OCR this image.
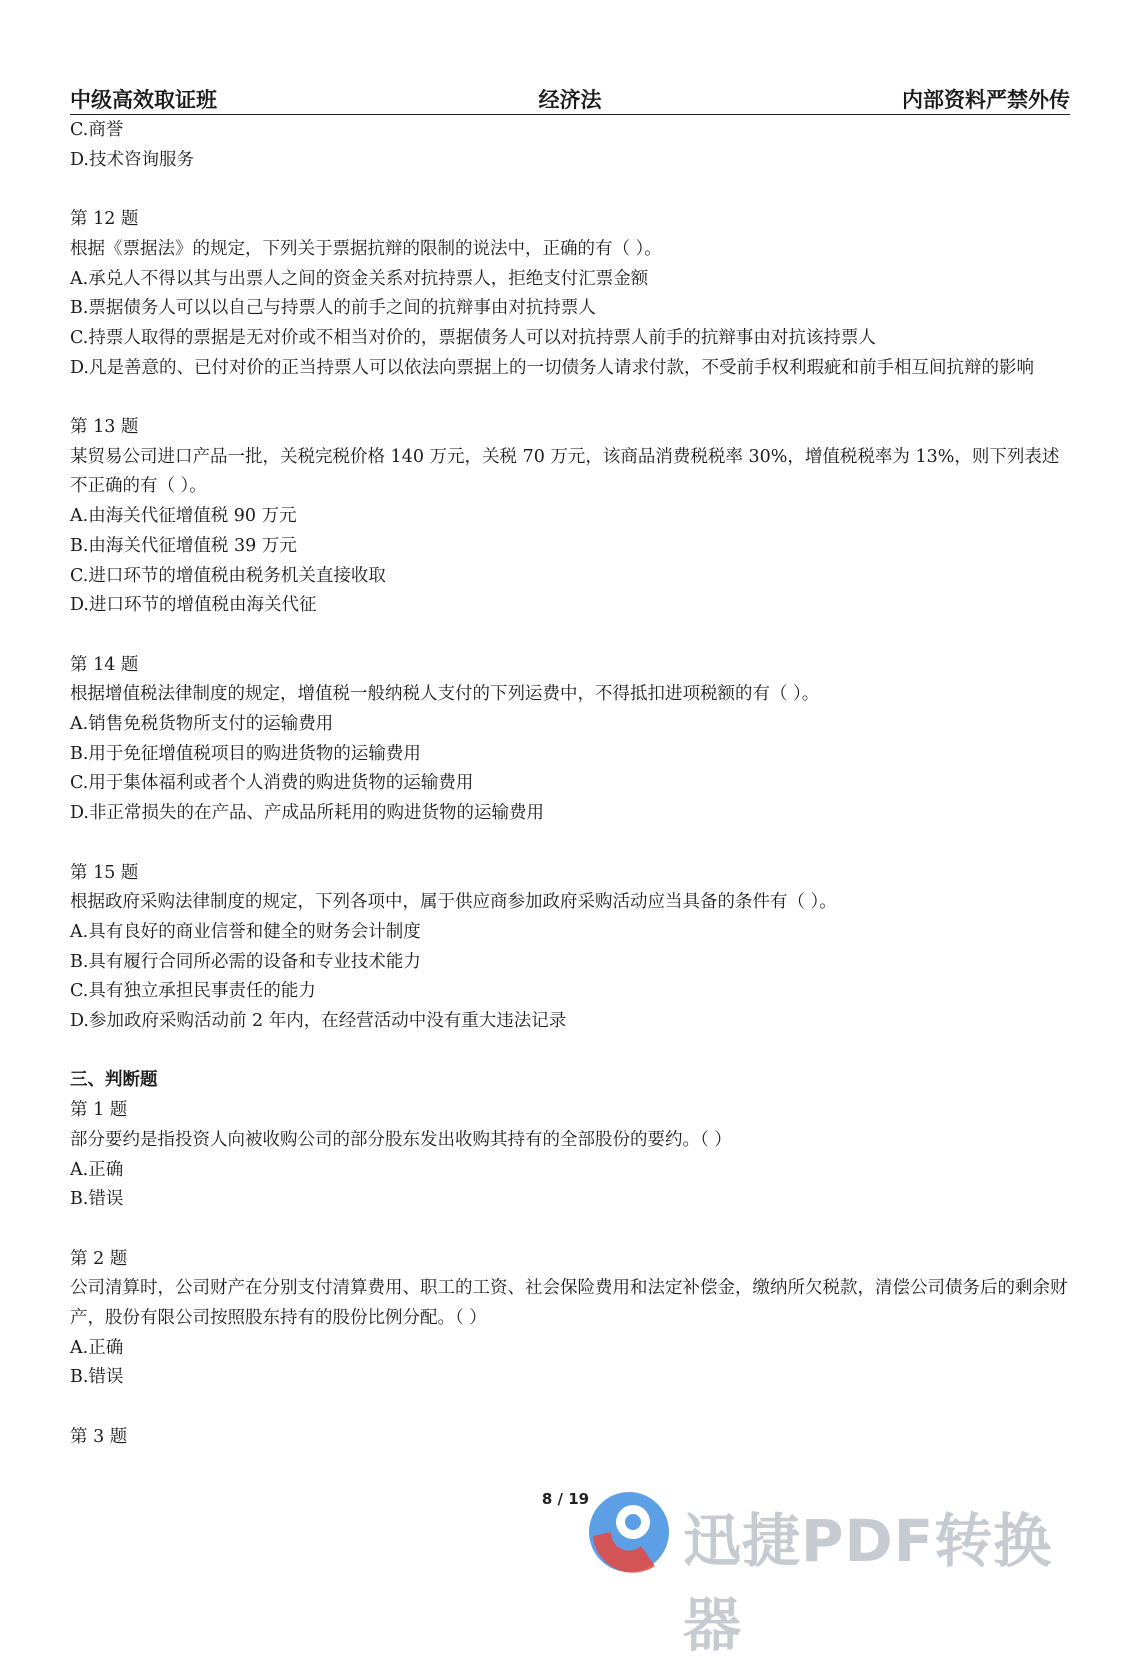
中级高效取证班	经济法	内部资料严禁外传
C.商誉
D.技术咨询服务
第 12 题
根据《票据法》的规定，下列关于票据抗辩的限制的说法中，正确的有（ ）。
A.承兑人不得以其与出票人之间的资金关系对抗持票人，拒绝支付汇票金额
B.票据债务人可以以自己与持票人的前手之间的抗辩事由对抗持票人
C.持票人取得的票据是无对价或不相当对价的，票据债务人可以对抗持票人前手的抗辩事由对抗该持票人
D.凡是善意的、已付对价的正当持票人可以依法向票据上的一切债务人请求付款，不受前手权利瑕疵和前手相互间抗辩的影响
第 13 题
某贸易公司进口产品一批，关税完税价格 140 万元，关税 70 万元，该商品消费税税率 30%，增值税税率为 13%，则下列表述不正确的有（ ）。
A.由海关代征增值税 90 万元
B.由海关代征增值税 39 万元
C.进口环节的增值税由税务机关直接收取
D.进口环节的增值税由海关代征
第 14 题
根据增值税法律制度的规定，增值税一般纳税人支付的下列运费中，不得抵扣进项税额的有（ ）。
A.销售免税货物所支付的运输费用
B.用于免征增值税项目的购进货物的运输费用
C.用于集体福利或者个人消费的购进货物的运输费用
D.非正常损失的在产品、产成品所耗用的购进货物的运输费用
第 15 题
根据政府采购法律制度的规定，下列各项中，属于供应商参加政府采购活动应当具备的条件有（ ）。
A.具有良好的商业信誉和健全的财务会计制度
B.具有履行合同所必需的设备和专业技术能力
C.具有独立承担民事责任的能力
D.参加政府采购活动前 2 年内，在经营活动中没有重大违法记录
三、判断题
第 1 题
部分要约是指投资人向被收购公司的部分股东发出收购其持有的全部股份的要约。（ ）
A.正确
B.错误
第 2 题
公司清算时，公司财产在分别支付清算费用、职工的工资、社会保险费用和法定补偿金，缴纳所欠税款，清偿公司债务后的剩余财产，股份有限公司按照股东持有的股份比例分配。（ ）
A.正确
B.错误
第 3 题
8 / 19
迅捷PDF转换器
